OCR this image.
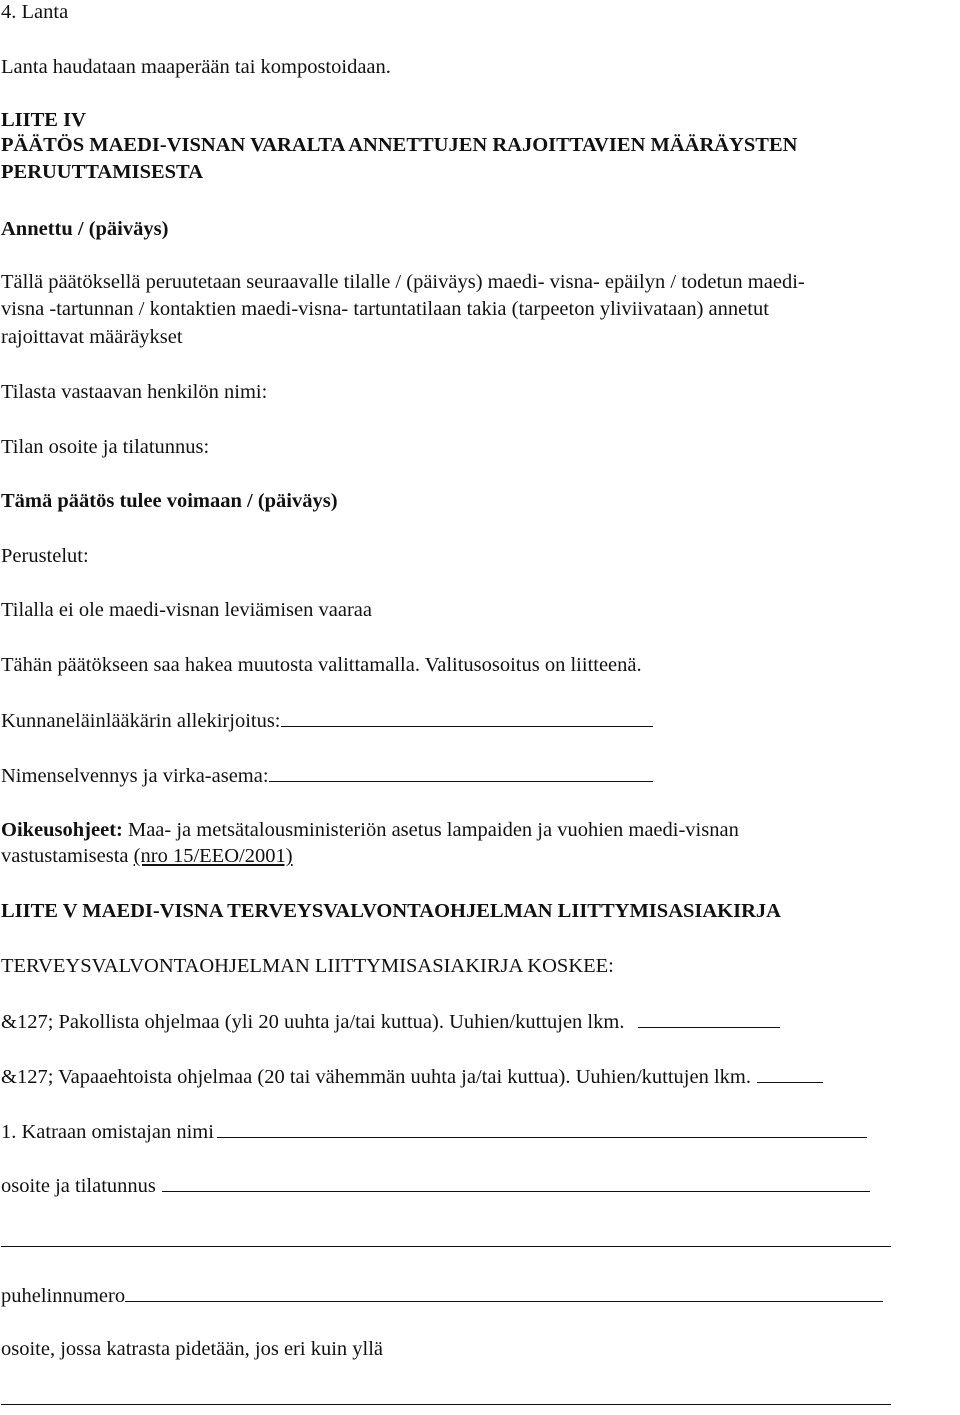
4. Lanta
Lanta haudataan maaperään tai kompostoidaan.
LIITE IV
PÄÄTÖS MAEDI-VISNAN VARALTA ANNETTUJEN RAJOITTAVIEN MÄÄRÄYSTEN
PERUUTTAMISESTA
Annettu / (päiväys)
Tällä päätöksellä peruutetaan seuraavalle tilalle / (päiväys) maedi- visna- epäilyn / todetun maedi-
visna -tartunnan / kontaktien maedi-visna- tartuntatilaan takia (tarpeeton yliviivataan) annetut
rajoittavat määräykset
Tilasta vastaavan henkilön nimi:
Tilan osoite ja tilatunnus:
Tämä päätös tulee voimaan / (päiväys)
Perustelut:
Tilalla ei ole maedi-visnan leviämisen vaaraa
Tähän päätökseen saa hakea muutosta valittamalla. Valitusosoitus on liitteenä.
Kunnaneläinlääkärin allekirjoitus:
Nimenselvennys ja virka-asema:
Oikeusohjeet: Maa- ja metsätalousministeriön asetus lampaiden ja vuohien maedi-visnan
vastustamisesta (nro 15/EEO/2001)
LIITE V MAEDI-VISNA TERVEYSVALVONTAOHJELMAN LIITTYMISASIAKIRJA
TERVEYSVALVONTAOHJELMAN LIITTYMISASIAKIRJA KOSKEE:
&127; Pakollista ohjelmaa (yli 20 uuhta ja/tai kuttua). Uuhien/kuttujen lkm.
&127; Vapaaehtoista ohjelmaa (20 tai vähemmän uuhta ja/tai kuttua). Uuhien/kuttujen lkm.
1. Katraan omistajan nimi
osoite ja tilatunnus
puhelinnumero
osoite, jossa katrasta pidetään, jos eri kuin yllä
